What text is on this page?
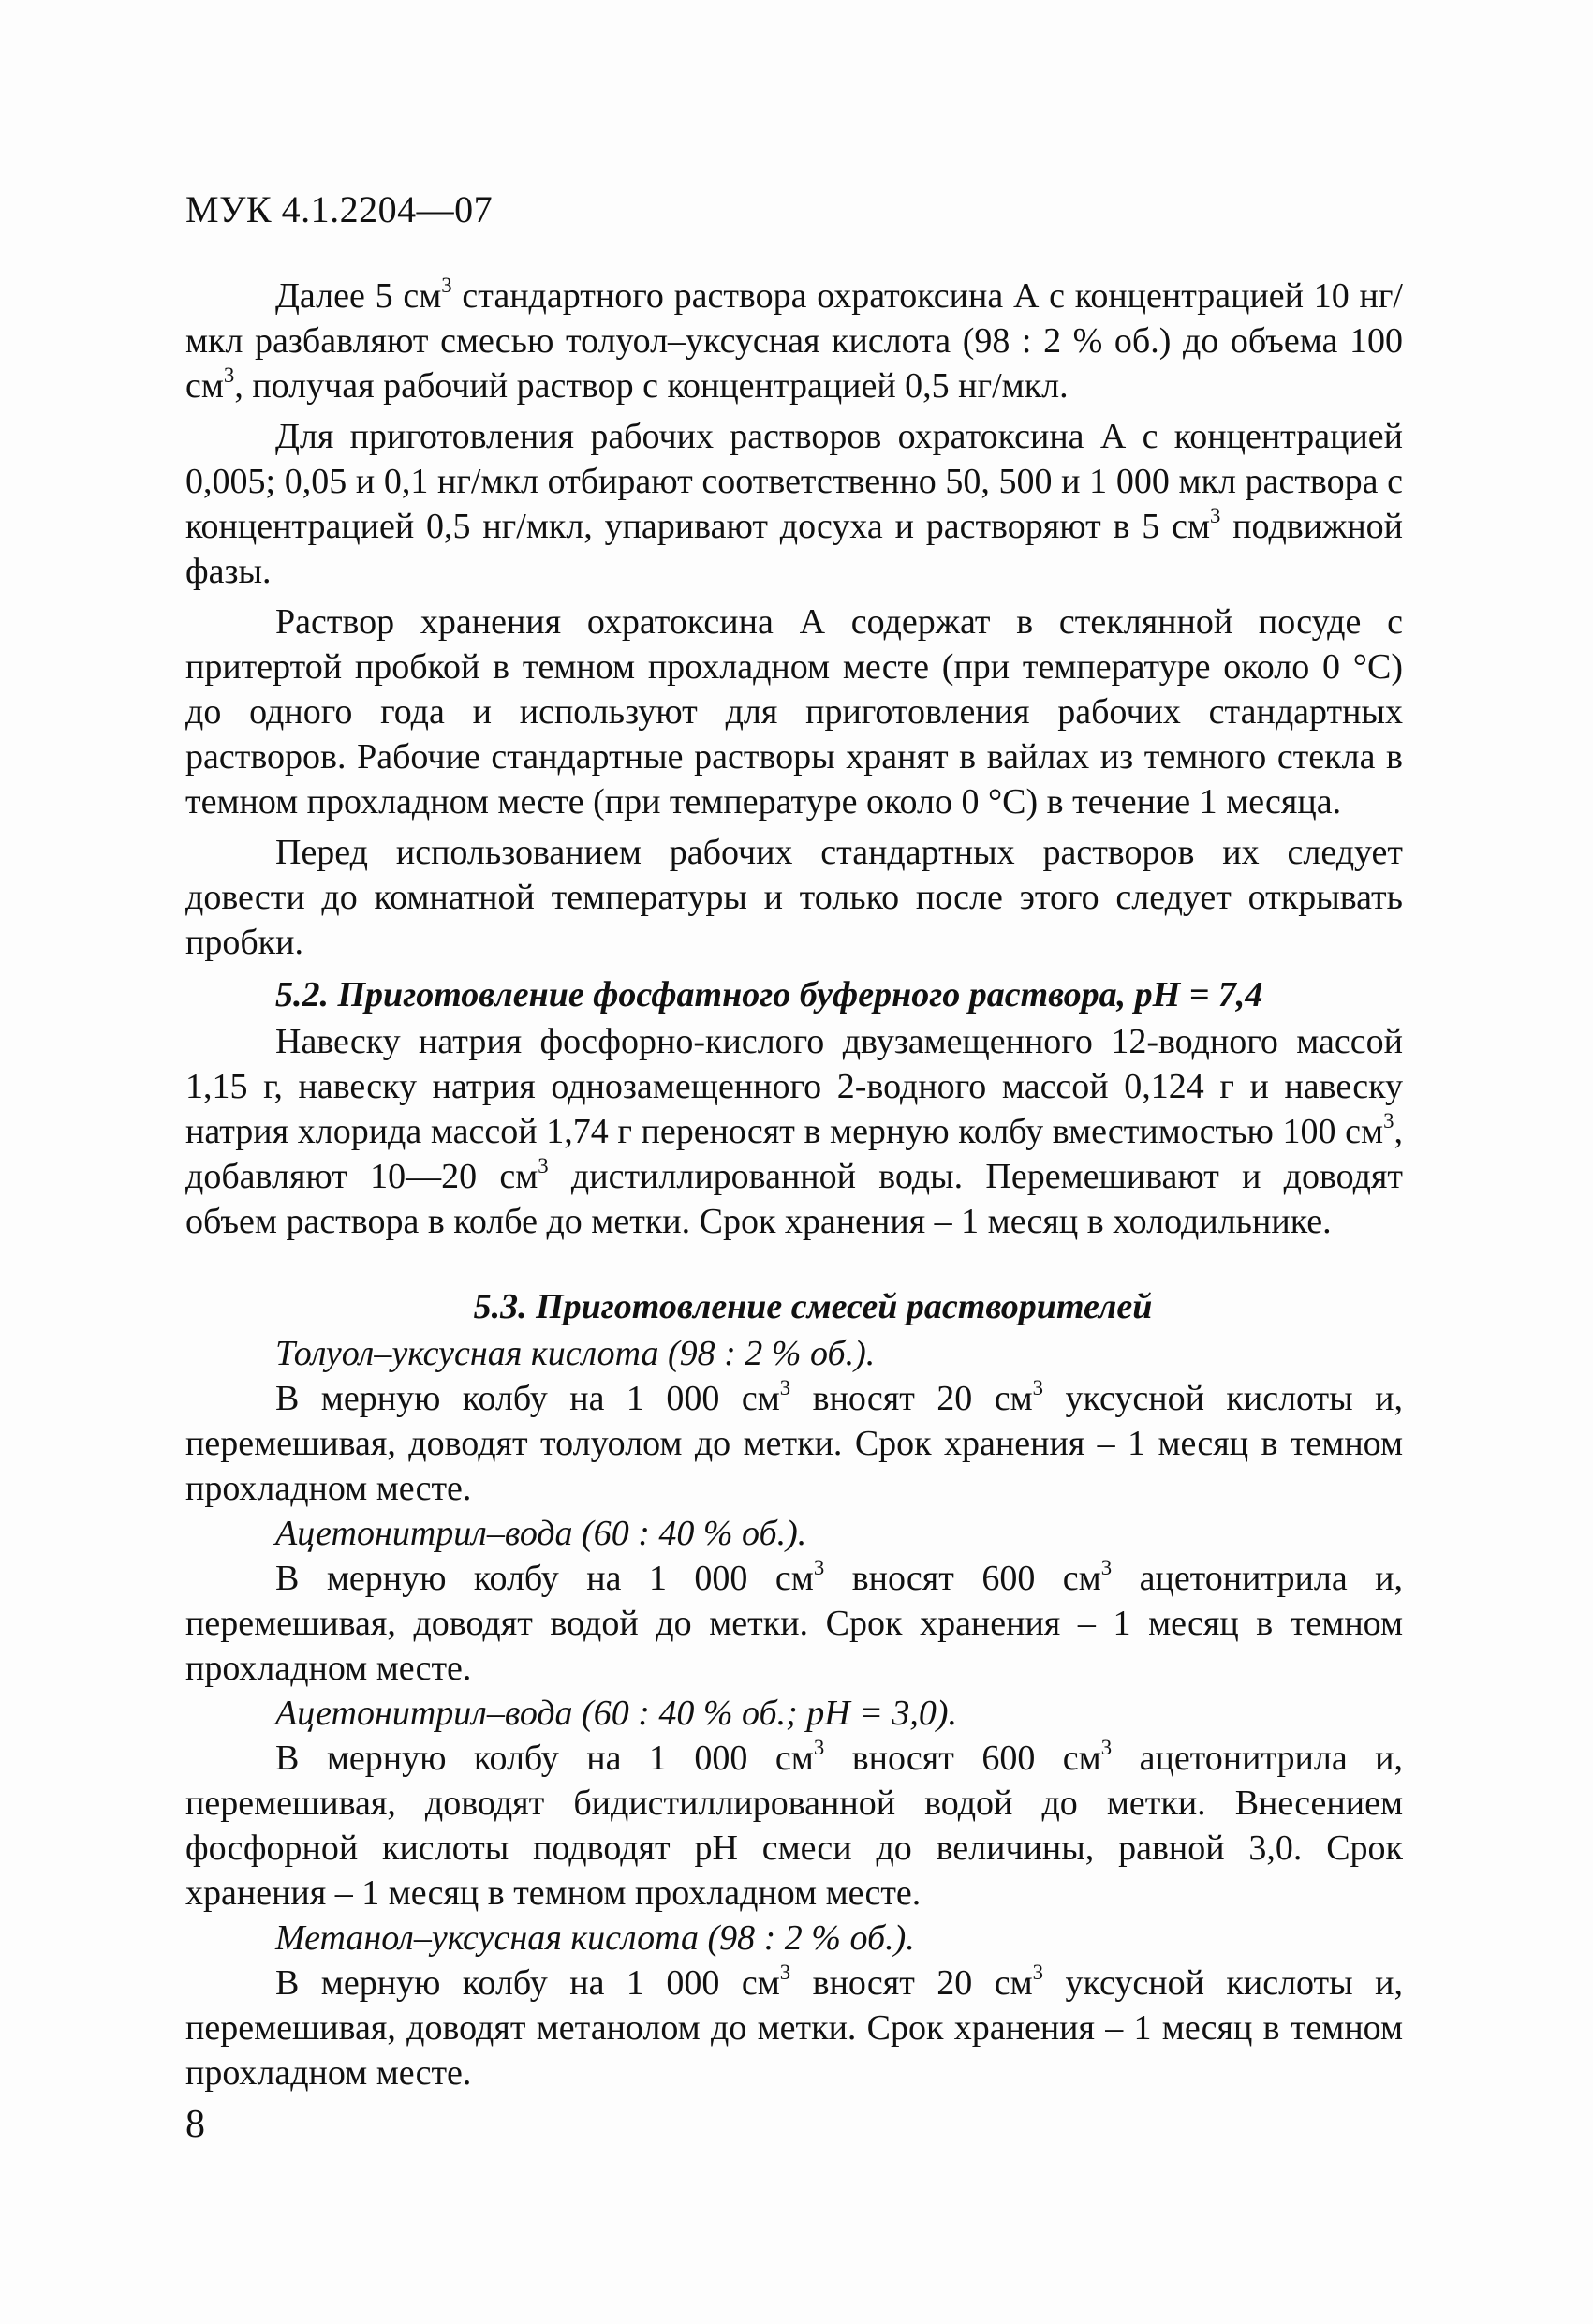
МУК 4.1.2204—07

Далее 5 $см^3$ стандартного раствора охратоксина А с концентрацией 10 нг/мкл разбавляют смесью толуол–уксусная кислота (98 : 2 % об.) до объема 100 $см^3$, получая рабочий раствор с концентрацией 0,5 нг/мкл.

Для приготовления рабочих растворов охратоксина А с концентрацией 0,005; 0,05 и 0,1 нг/мкл отбирают соответственно 50, 500 и 1 000 мкл раствора с концентрацией 0,5 нг/мкл, упаривают досуха и растворяют в 5 $см^3$ подвижной фазы.

Раствор хранения охратоксина А содержат в стеклянной посуде с притертой пробкой в темном прохладном месте (при температуре около 0 °С) до одного года и используют для приготовления рабочих стандартных растворов. Рабочие стандартные растворы хранят в вайлах из темного стекла в темном прохладном месте (при температуре около 0 °С) в течение 1 месяца.

Перед использованием рабочих стандартных растворов их следует довести до комнатной температуры и только после этого следует открывать пробки.

5.2. Приготовление фосфатного буферного раствора, рН = 7,4

Навеску натрия фосфорно-кислого двузамещенного 12-водного массой 1,15 г, навеску натрия однозамещенного 2-водного массой 0,124 г и навеску натрия хлорида массой 1,74 г переносят в мерную колбу вместимостью 100 $см^3$, добавляют 10—20 $см^3$ дистиллированной воды. Перемешивают и доводят объем раствора в колбе до метки. Срок хранения – 1 месяц в холодильнике.

5.3. Приготовление смесей растворителей

Толуол–уксусная кислота (98 : 2 % об.).

В мерную колбу на 1 000 $см^3$ вносят 20 $см^3$ уксусной кислоты и, перемешивая, доводят толуолом до метки. Срок хранения – 1 месяц в темном прохладном месте.

Ацетонитрил–вода (60 : 40 % об.).

В мерную колбу на 1 000 $см^3$ вносят 600 $см^3$ ацетонитрила и, перемешивая, доводят водой до метки. Срок хранения – 1 месяц в темном прохладном месте.

Ацетонитрил–вода (60 : 40 % об.; рН = 3,0).

В мерную колбу на 1 000 $см^3$ вносят 600 $см^3$ ацетонитрила и, перемешивая, доводят бидистиллированной водой до метки. Внесением фосфорной кислоты подводят рН смеси до величины, равной 3,0. Срок хранения – 1 месяц в темном прохладном месте.

Метанол–уксусная кислота (98 : 2 % об.).

В мерную колбу на 1 000 $см^3$ вносят 20 $см^3$ уксусной кислоты и, перемешивая, доводят метанолом до метки. Срок хранения – 1 месяц в темном прохладном месте.

8
